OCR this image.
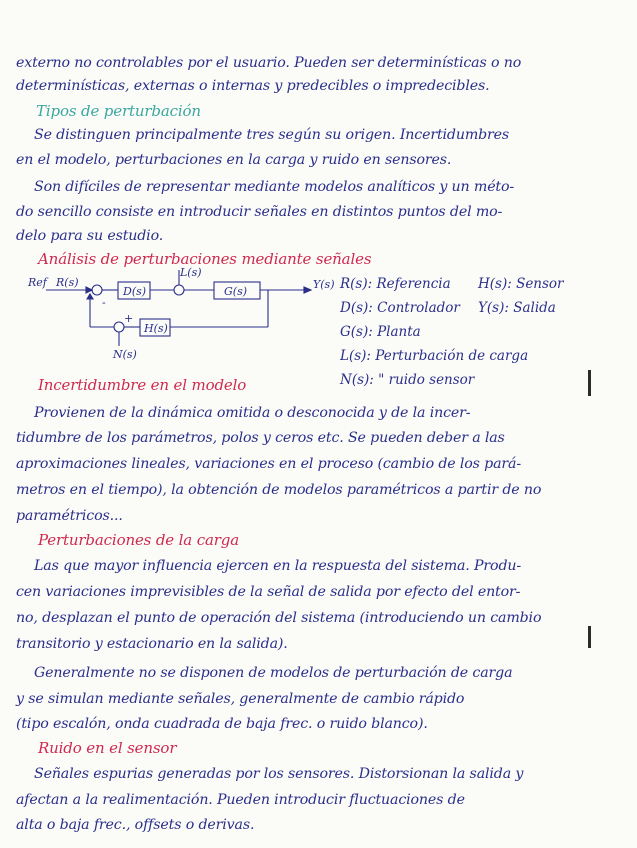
externo no controlables por el usuario. Pueden ser determinísticas o no
determinísticas, externas o internas y predecibles o impredecibles.
Tipos de perturbación
Se distinguen principalmente tres según su origen. Incertidumbres
en el modelo, perturbaciones en la carga y ruido en sensores.
Son difíciles de representar mediante modelos analíticos y un méto-
do sencillo consiste en introducir señales en distintos puntos del mo-
delo para su estudio.
Análisis de perturbaciones mediante señales
Ref R(s)
D(s)	G(s)
H(s)
L(s)
N(s)
Y(s)
-
+
R(s): Referencia
D(s): Controlador
G(s): Planta
L(s): Perturbación de carga
N(s): " ruido sensor
H(s): Sensor
Y(s): Salida
Incertidumbre en el modelo
Provienen de la dinámica omitida o desconocida y de la incer-
tidumbre de los parámetros, polos y ceros etc. Se pueden deber a las
aproximaciones lineales, variaciones en el proceso (cambio de los pará-
metros en el tiempo), la obtención de modelos paramétricos a partir de no
paramétricos...
Perturbaciones de la carga
Las que mayor influencia ejercen en la respuesta del sistema. Produ-
cen variaciones imprevisibles de la señal de salida por efecto del entor-
no, desplazan el punto de operación del sistema (introduciendo un cambio
transitorio y estacionario en la salida).
Generalmente no se disponen de modelos de perturbación de carga
y se simulan mediante señales, generalmente de cambio rápido
(tipo escalón, onda cuadrada de baja frec. o ruido blanco).
Ruido en el sensor
Señales espurias generadas por los sensores. Distorsionan la salida y
afectan a la realimentación. Pueden introducir fluctuaciones de
alta o baja frec., offsets o derivas.
